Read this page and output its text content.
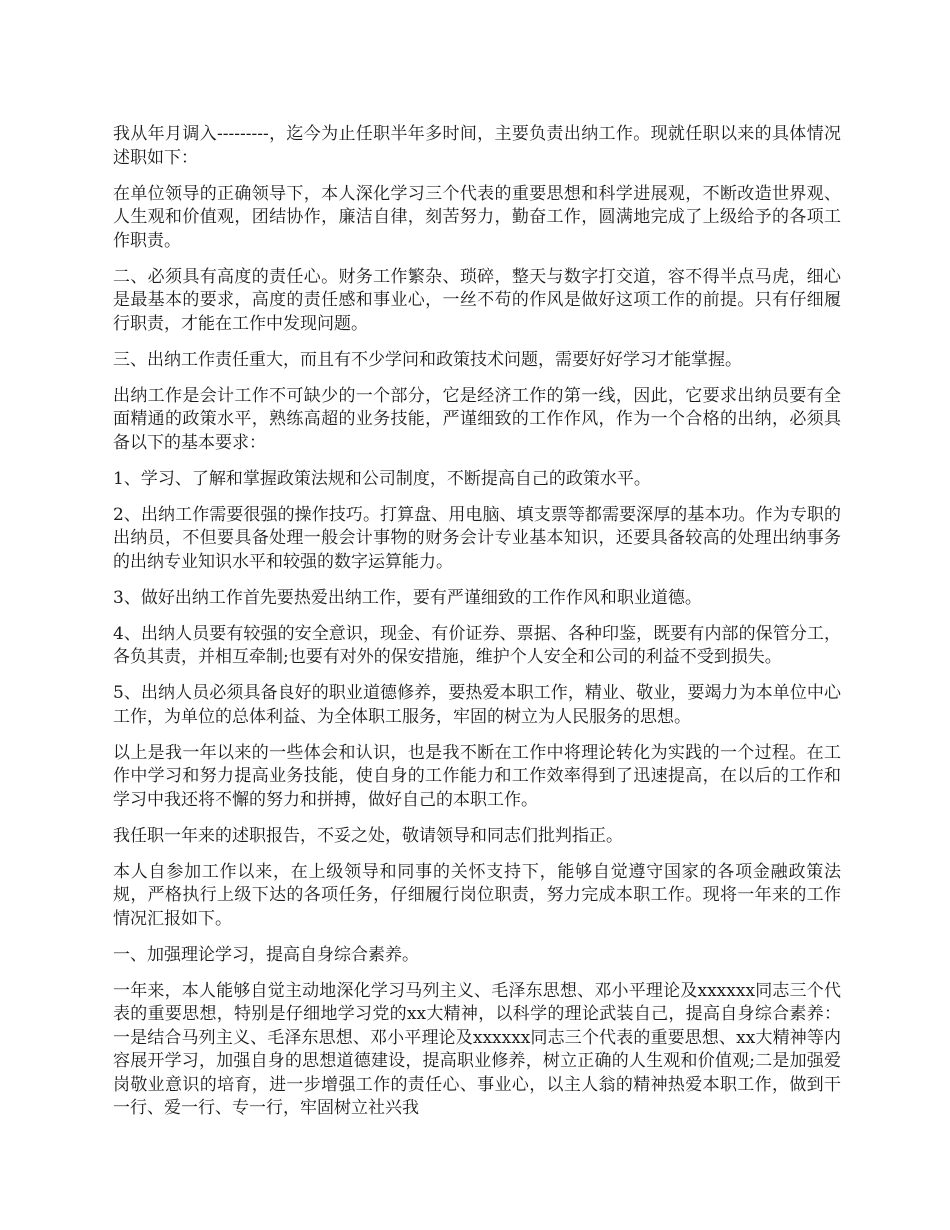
我从年月调入---------，迄今为止任职半年多时间，主要负责出纳工作。现就任职以来的具体情况述职如下：

在单位领导的正确领导下，本人深化学习三个代表的重要思想和科学进展观，不断改造世界观、人生观和价值观，团结协作，廉洁自律，刻苦努力，勤奋工作，圆满地完成了上级给予的各项工作职责。

二、必须具有高度的责任心。财务工作繁杂、琐碎，整天与数字打交道，容不得半点马虎，细心是最基本的要求，高度的责任感和事业心，一丝不苟的作风是做好这项工作的前提。只有仔细履行职责，才能在工作中发现问题。

三、出纳工作责任重大，而且有不少学问和政策技术问题，需要好好学习才能掌握。

出纳工作是会计工作不可缺少的一个部分，它是经济工作的第一线，因此，它要求出纳员要有全面精通的政策水平，熟练高超的业务技能，严谨细致的工作作风，作为一个合格的出纳，必须具备以下的基本要求：

1、学习、了解和掌握政策法规和公司制度，不断提高自己的政策水平。

2、出纳工作需要很强的操作技巧。打算盘、用电脑、填支票等都需要深厚的基本功。作为专职的出纳员，不但要具备处理一般会计事物的财务会计专业基本知识，还要具备较高的处理出纳事务的出纳专业知识水平和较强的数字运算能力。

3、做好出纳工作首先要热爱出纳工作，要有严谨细致的工作作风和职业道德。

4、出纳人员要有较强的安全意识，现金、有价证券、票据、各种印鉴，既要有内部的保管分工，各负其责，并相互牵制;也要有对外的保安措施，维护个人安全和公司的利益不受到损失。

5、出纳人员必须具备良好的职业道德修养，要热爱本职工作，精业、敬业，要竭力为本单位中心工作，为单位的总体利益、为全体职工服务，牢固的树立为人民服务的思想。

以上是我一年以来的一些体会和认识，也是我不断在工作中将理论转化为实践的一个过程。在工作中学习和努力提高业务技能，使自身的工作能力和工作效率得到了迅速提高，在以后的工作和学习中我还将不懈的努力和拼搏，做好自己的本职工作。

我任职一年来的述职报告，不妥之处，敬请领导和同志们批判指正。

本人自参加工作以来，在上级领导和同事的关怀支持下，能够自觉遵守国家的各项金融政策法规，严格执行上级下达的各项任务，仔细履行岗位职责，努力完成本职工作。现将一年来的工作情况汇报如下。

一、加强理论学习，提高自身综合素养。

一年来，本人能够自觉主动地深化学习马列主义、毛泽东思想、邓小平理论及xxxxxx同志三个代表的重要思想，特别是仔细地学习党的xx大精神，以科学的理论武装自己，提高自身综合素养：一是结合马列主义、毛泽东思想、邓小平理论及xxxxxx同志三个代表的重要思想、xx大精神等内容展开学习，加强自身的思想道德建设，提高职业修养，树立正确的人生观和价值观;二是加强爱岗敬业意识的培育，进一步增强工作的责任心、事业心，以主人翁的精神热爱本职工作，做到干一行、爱一行、专一行，牢固树立社兴我
